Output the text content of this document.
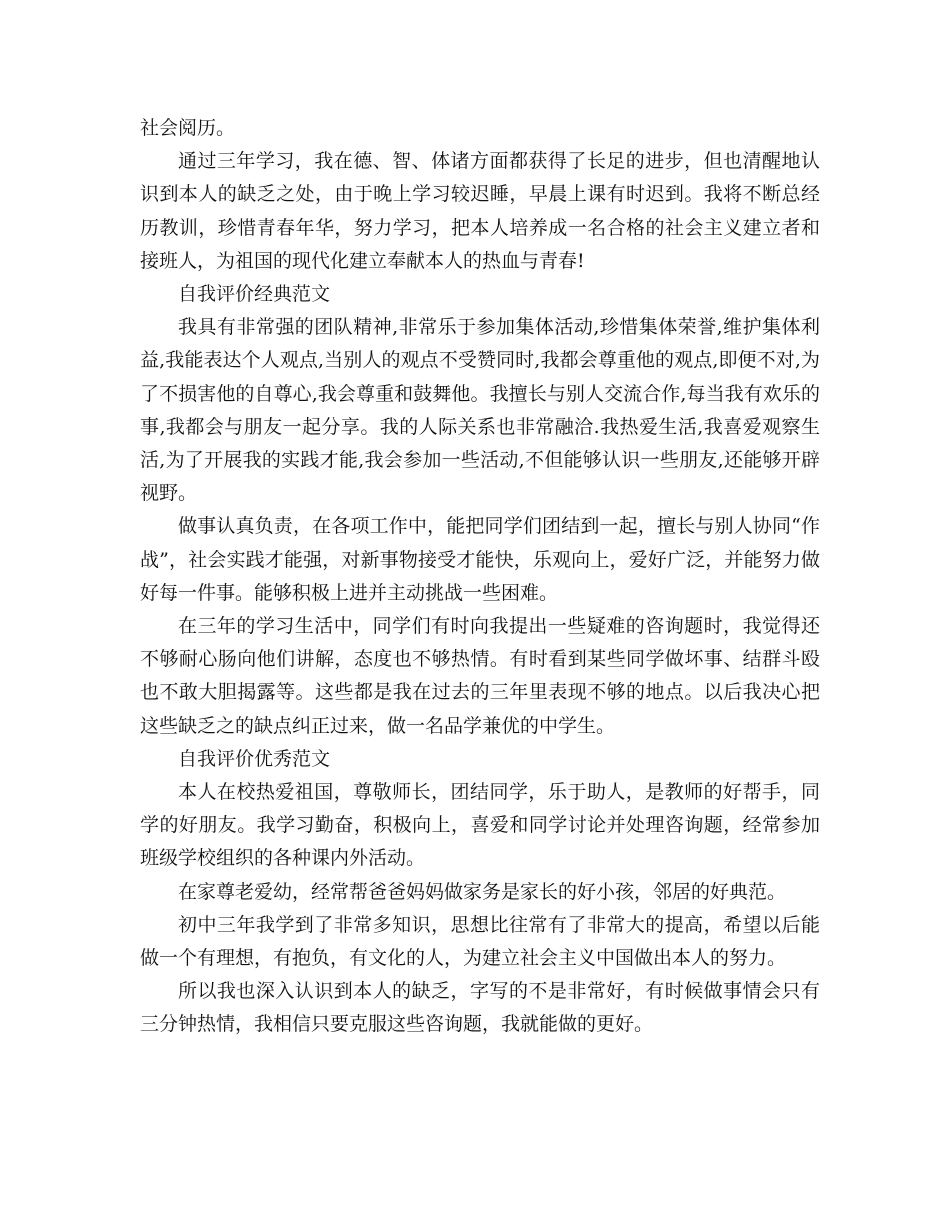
社会阅历。

通过三年学习，我在德、智、体诸方面都获得了长足的进步，但也清醒地认识到本人的缺乏之处，由于晚上学习较迟睡，早晨上课有时迟到。我将不断总经历教训，珍惜青春年华，努力学习，把本人培养成一名合格的社会主义建立者和接班人，为祖国的现代化建立奉献本人的热血与青春!

自我评价经典范文

我具有非常强的团队精神,非常乐于参加集体活动,珍惜集体荣誉,维护集体利益,我能表达个人观点,当别人的观点不受赞同时,我都会尊重他的观点,即便不对,为了不损害他的自尊心,我会尊重和鼓舞他。我擅长与别人交流合作,每当我有欢乐的事,我都会与朋友一起分享。我的人际关系也非常融洽.我热爱生活,我喜爱观察生活,为了开展我的实践才能,我会参加一些活动,不但能够认识一些朋友,还能够开辟视野。

做事认真负责，在各项工作中，能把同学们团结到一起，擅长与别人协同“作战”，社会实践才能强，对新事物接受才能快，乐观向上，爱好广泛，并能努力做好每一件事。能够积极上进并主动挑战一些困难。

在三年的学习生活中，同学们有时向我提出一些疑难的咨询题时，我觉得还不够耐心肠向他们讲解，态度也不够热情。有时看到某些同学做坏事、结群斗殴也不敢大胆揭露等。这些都是我在过去的三年里表现不够的地点。以后我决心把这些缺乏之的缺点纠正过来，做一名品学兼优的中学生。

自我评价优秀范文

本人在校热爱祖国，尊敬师长，团结同学，乐于助人，是教师的好帮手，同学的好朋友。我学习勤奋，积极向上，喜爱和同学讨论并处理咨询题，经常参加班级学校组织的各种课内外活动。

在家尊老爱幼，经常帮爸爸妈妈做家务是家长的好小孩，邻居的好典范。

初中三年我学到了非常多知识，思想比往常有了非常大的提高，希望以后能做一个有理想，有抱负，有文化的人，为建立社会主义中国做出本人的努力。

所以我也深入认识到本人的缺乏，字写的不是非常好，有时候做事情会只有三分钟热情，我相信只要克服这些咨询题，我就能做的更好。
